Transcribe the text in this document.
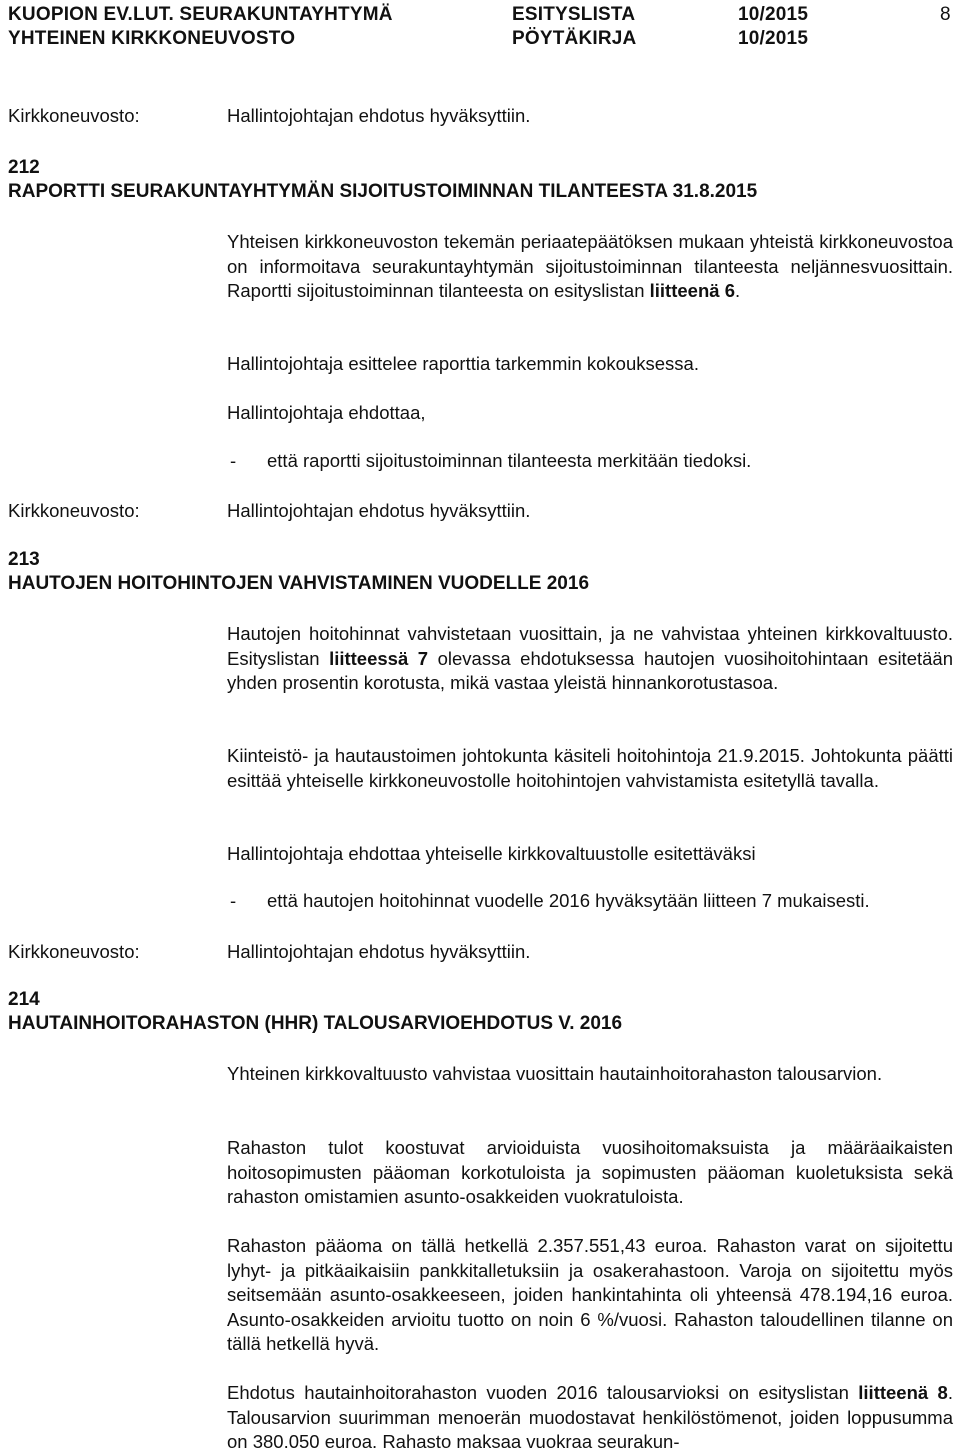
KUOPION EV.LUT. SEURAKUNTAYHTYMÄ
YHTEINEN KIRKKONEUVOSTO
ESITYSLISTA
PÖYTÄKIRJA
10/2015
10/2015
8
Kirkkoneuvosto:	Hallintojohtajan ehdotus hyväksyttiin.
212
RAPORTTI SEURAKUNTAYHTYMÄN SIJOITUSTOIMINNAN TILANTEESTA 31.8.2015

Yhteisen kirkkoneuvoston tekemän periaatepäätöksen mukaan yhteistä kirkkoneuvostoa on informoitava seurakuntayhtymän sijoitustoiminnan tilanteesta neljännesvuosittain. Raportti sijoitustoiminnan tilanteesta on esityslistan liitteenä 6.

Hallintojohtaja esittelee raporttia tarkemmin kokouksessa.
Hallintojohtaja ehdottaa,
- että raportti sijoitustoiminnan tilanteesta merkitään tiedoksi.
Kirkkoneuvosto:	Hallintojohtajan ehdotus hyväksyttiin.
213
HAUTOJEN HOITOHINTOJEN VAHVISTAMINEN VUODELLE 2016

Hautojen hoitohinnat vahvistetaan vuosittain, ja ne vahvistaa yhteinen kirkkovaltuusto. Esityslistan liitteessä 7 olevassa ehdotuksessa hautojen vuosihoitohintaan esitetään yhden prosentin korotusta, mikä vastaa yleistä hinnankorotustasoa.

Kiinteistö- ja hautaustoimen johtokunta käsiteli hoitohintoja 21.9.2015. Johtokunta päätti esittää yhteiselle kirkkoneuvostolle hoitohintojen vahvistamista esitetyllä tavalla.
Hallintojohtaja ehdottaa yhteiselle kirkkovaltuustolle esitettäväksi
- että hautojen hoitohinnat vuodelle 2016 hyväksytään liitteen 7 mukaisesti.
Kirkkoneuvosto:	Hallintojohtajan ehdotus hyväksyttiin.
214
HAUTAINHOITORAHASTON (HHR) TALOUSARVIOEHDOTUS V. 2016
Yhteinen kirkkovaltuusto vahvistaa vuosittain hautainhoitorahaston talousarvion.
Rahaston tulot koostuvat arvioiduista vuosihoitomaksuista ja määräaikaisten hoitosopimusten pääoman korkotuloista ja sopimusten pääoman kuoletuksista sekä rahaston omistamien asunto-osakkeiden vuokratuloista.
Rahaston pääoma on tällä hetkellä 2.357.551,43 euroa. Rahaston varat on sijoitettu lyhyt- ja pitkäaikaisiin pankkitalletuksiin ja osakerahastoon. Varoja on sijoitettu myös seitsemään asunto-osakkeeseen, joiden hankintahinta oli yhteensä 478.194,16 euroa. Asunto-osakkeiden arvioitu tuotto on noin 6 %/vuosi. Rahaston taloudellinen tilanne on tällä hetkellä hyvä.

Ehdotus hautainhoitorahaston vuoden 2016 talousarvioksi on esityslistan liitteenä 8. Talousarvion suurimman menoerän muodostavat henkilöstömenot, joiden loppusumma on 380.050 euroa. Rahasto maksaa vuokraa seurakun-
